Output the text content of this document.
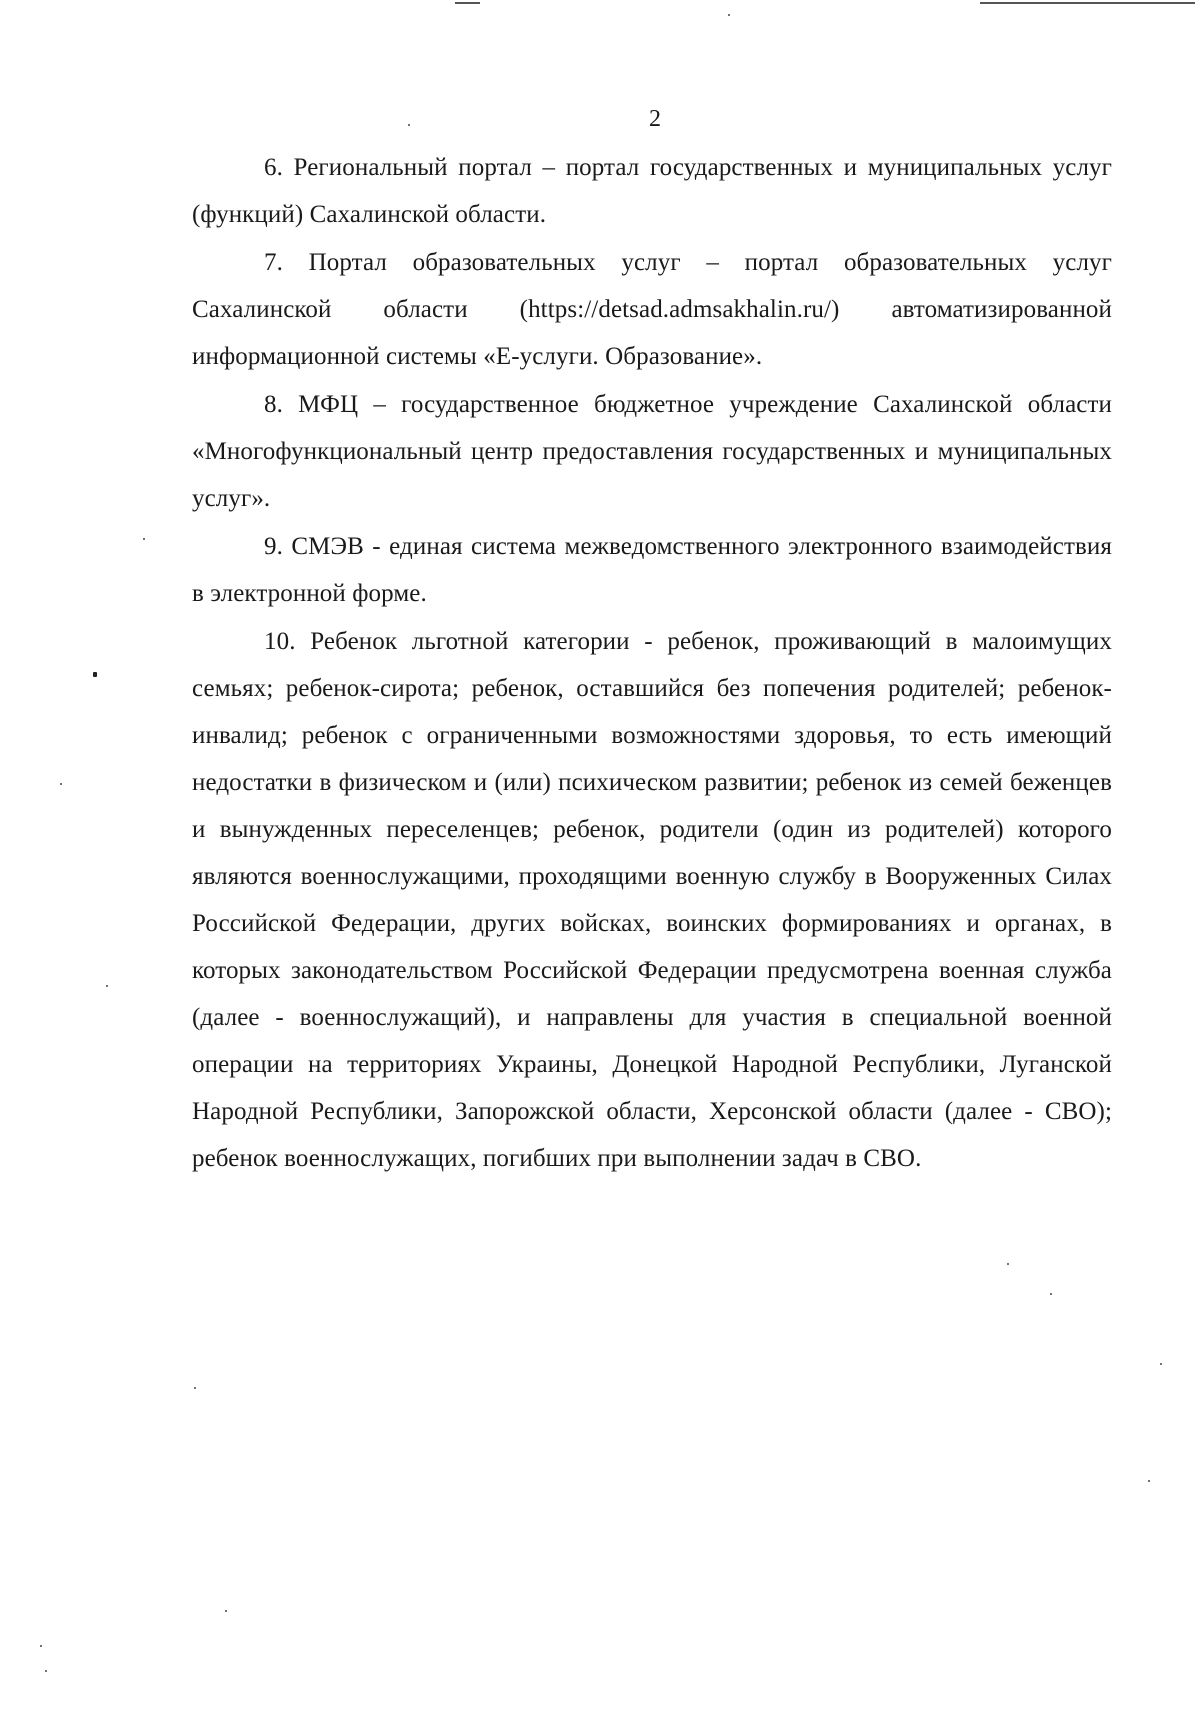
2

6. Региональный портал – портал государственных и муниципальных услуг (функций) Сахалинской области.

7. Портал образовательных услуг – портал образовательных услуг Сахалинской области (https://detsad.admsakhalin.ru/) автоматизированной информационной системы «Е-услуги. Образование».

8. МФЦ – государственное бюджетное учреждение Сахалинской области «Многофункциональный центр предоставления государственных и муниципальных услуг».

9. СМЭВ - единая система межведомственного электронного взаимодействия в электронной форме.

10. Ребенок льготной категории - ребенок, проживающий в малоимущих семьях; ребенок-сирота; ребенок, оставшийся без попечения родителей; ребенок-инвалид; ребенок с ограниченными возможностями здоровья, то есть имеющий недостатки в физическом и (или) психическом развитии; ребенок из семей беженцев и вынужденных переселенцев; ребенок, родители (один из родителей) которого являются военнослужащими, проходящими военную службу в Вооруженных Силах Российской Федерации, других войсках, воинских формированиях и органах, в которых законодательством Российской Федерации предусмотрена военная служба (далее - военнослужащий), и направлены для участия в специальной военной операции на территориях Украины, Донецкой Народной Республики, Луганской Народной Республики, Запорожской области, Херсонской области (далее - СВО); ребенок военнослужащих, погибших при выполнении задач в СВО.
